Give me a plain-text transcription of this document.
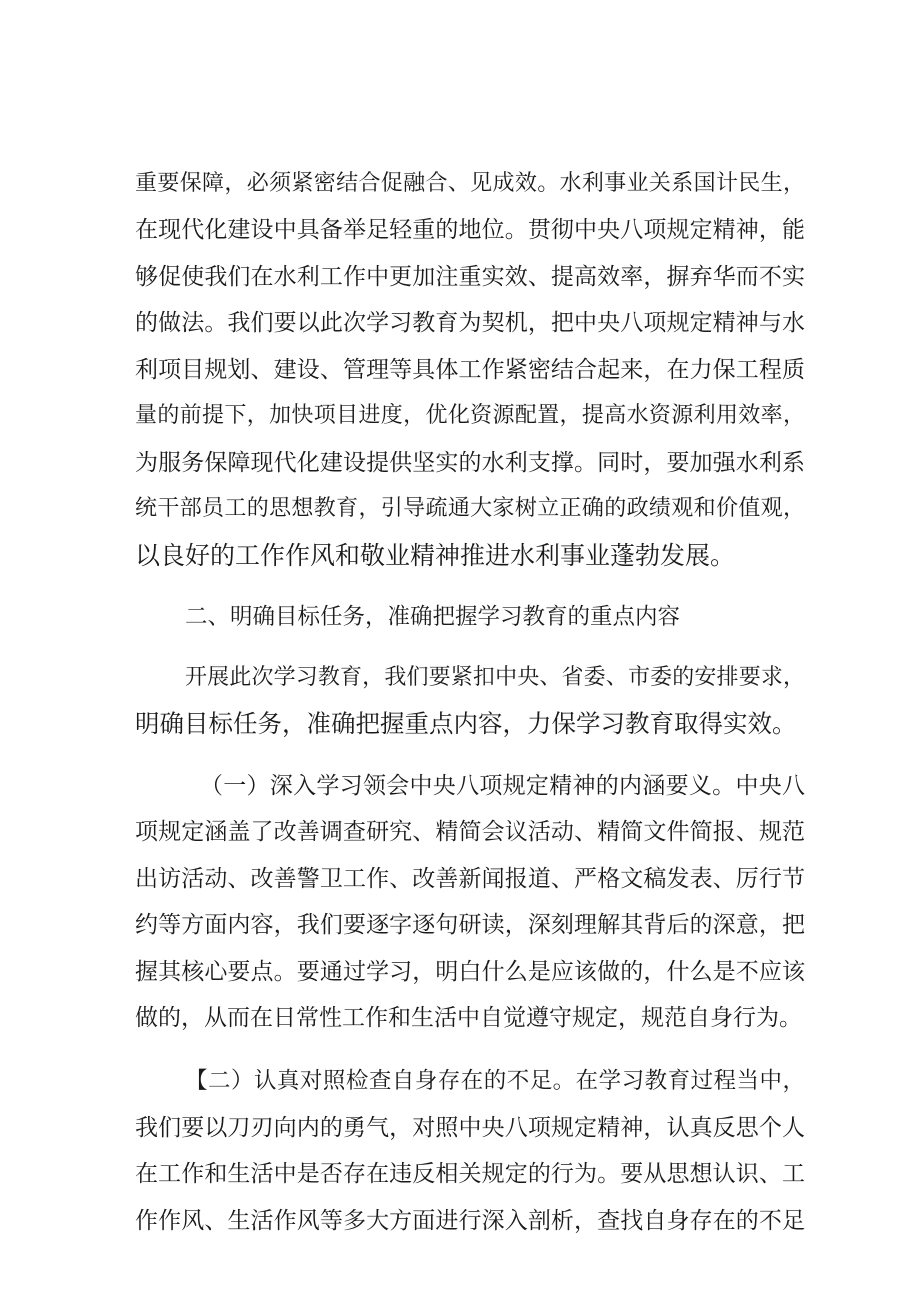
重要保障，必须紧密结合促融合、见成效。水利事业关系国计民生，
在现代化建设中具备举足轻重的地位。贯彻中央八项规定精神，能
够促使我们在水利工作中更加注重实效、提高效率，摒弃华而不实
的做法。我们要以此次学习教育为契机，把中央八项规定精神与水
利项目规划、建设、管理等具体工作紧密结合起来，在力保工程质
量的前提下，加快项目进度，优化资源配置，提高水资源利用效率，
为服务保障现代化建设提供坚实的水利支撑。同时，要加强水利系
统干部员工的思想教育，引导疏通大家树立正确的政绩观和价值观，
以良好的工作作风和敬业精神推进水利事业蓬勃发展。
二、明确目标任务，准确把握学习教育的重点内容
开展此次学习教育，我们要紧扣中央、省委、市委的安排要求，
明确目标任务，准确把握重点内容，力保学习教育取得实效。
（一）深入学习领会中央八项规定精神的内涵要义。中央八
项规定涵盖了改善调查研究、精简会议活动、精简文件简报、规范
出访活动、改善警卫工作、改善新闻报道、严格文稿发表、厉行节
约等方面内容，我们要逐字逐句研读，深刻理解其背后的深意，把
握其核心要点。要通过学习，明白什么是应该做的，什么是不应该
做的，从而在日常性工作和生活中自觉遵守规定，规范自身行为。
【二）认真对照检查自身存在的不足。在学习教育过程当中，
我们要以刀刃向内的勇气，对照中央八项规定精神，认真反思个人
在工作和生活中是否存在违反相关规定的行为。要从思想认识、工
作作风、生活作风等多大方面进行深入剖析，查找自身存在的不足
